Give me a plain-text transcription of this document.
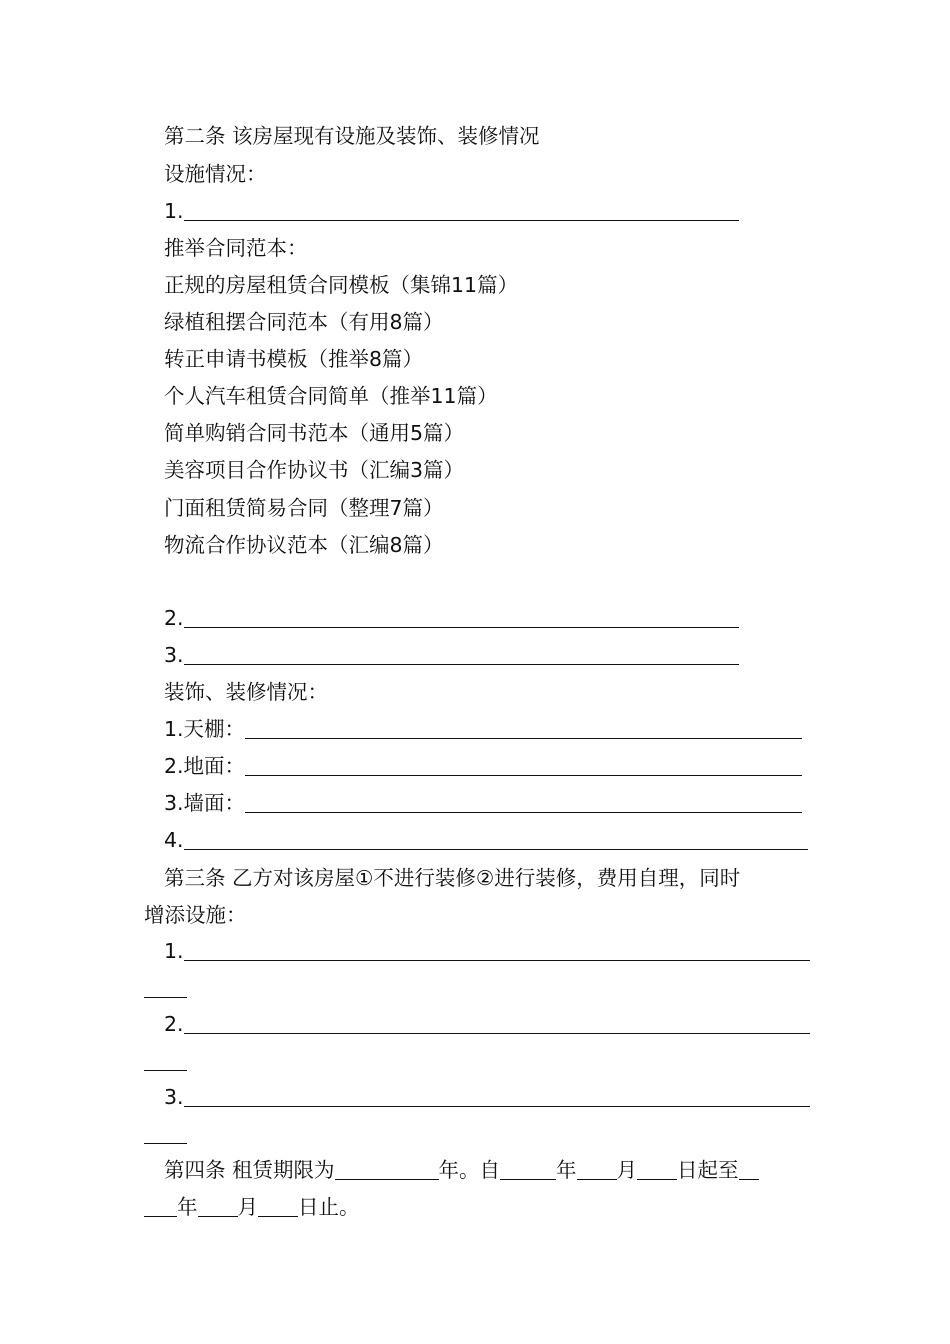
第二条 该房屋现有设施及装饰、装修情况
设施情况：
1.
推举合同范本：
正规的房屋租赁合同模板（集锦11篇）
绿植租摆合同范本（有用8篇）
转正申请书模板（推举8篇）
个人汽车租赁合同简单（推举11篇）
简单购销合同书范本（通用5篇）
美容项目合作协议书（汇编3篇）
门面租赁简易合同（整理7篇）
物流合作协议范本（汇编8篇）
2.
3.
装饰、装修情况：
1.天棚：
2.地面：
3.墙面：
4.
第三条 乙方对该房屋①不进行装修②进行装修，费用自理，同时
增添设施：
1.
2.
3.
第四条 租赁期限为	年。自	年 月 日起至
年 月 日止。
